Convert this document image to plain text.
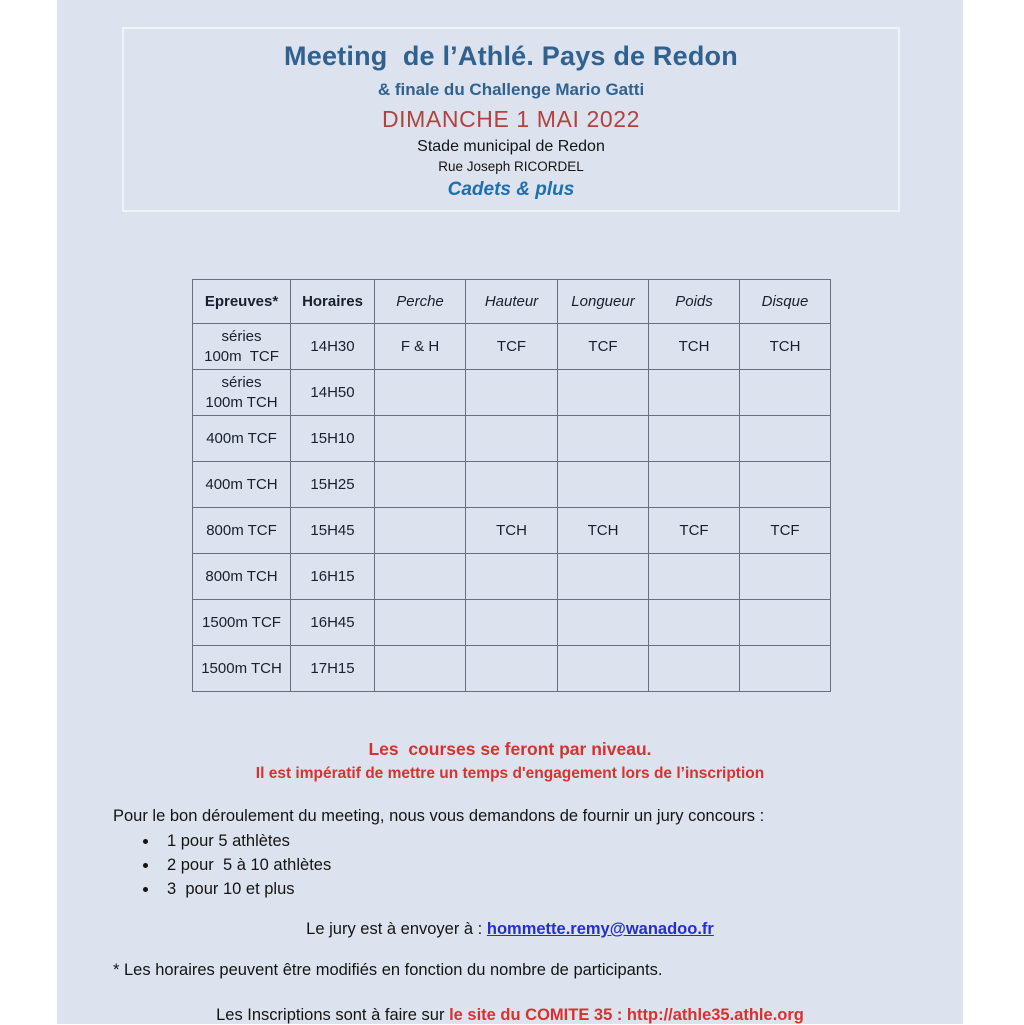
Meeting  de l’Athlé. Pays de Redon
& finale du Challenge Mario Gatti
DIMANCHE 1 MAI 2022
Stade municipal de Redon
Rue Joseph RICORDEL
Cadets & plus
Epreuves*	Horaires	Perche	Hauteur	Longueur	Poids	Disque
séries
100m  TCF	14H30	F & H	TCF	TCF	TCH	TCH
séries
100m TCH	14H50					
400m TCF	15H10					
400m TCH	15H25					
800m TCF	15H45		TCH	TCH	TCF	TCF
800m TCH	16H15					
1500m TCF	16H45					
1500m TCH	17H15					
Les  courses se feront par niveau.
Il est impératif de mettre un temps d'engagement lors de l’inscription
Pour le bon déroulement du meeting, nous vous demandons de fournir un jury concours :
• 1 pour 5 athlètes
• 2 pour  5 à 10 athlètes
• 3  pour 10 et plus
Le jury est à envoyer à : hommette.remy@wanadoo.fr
* Les horaires peuvent être modifiés en fonction du nombre de participants.
Les Inscriptions sont à faire sur le site du COMITE 35 : http://athle35.athle.org
